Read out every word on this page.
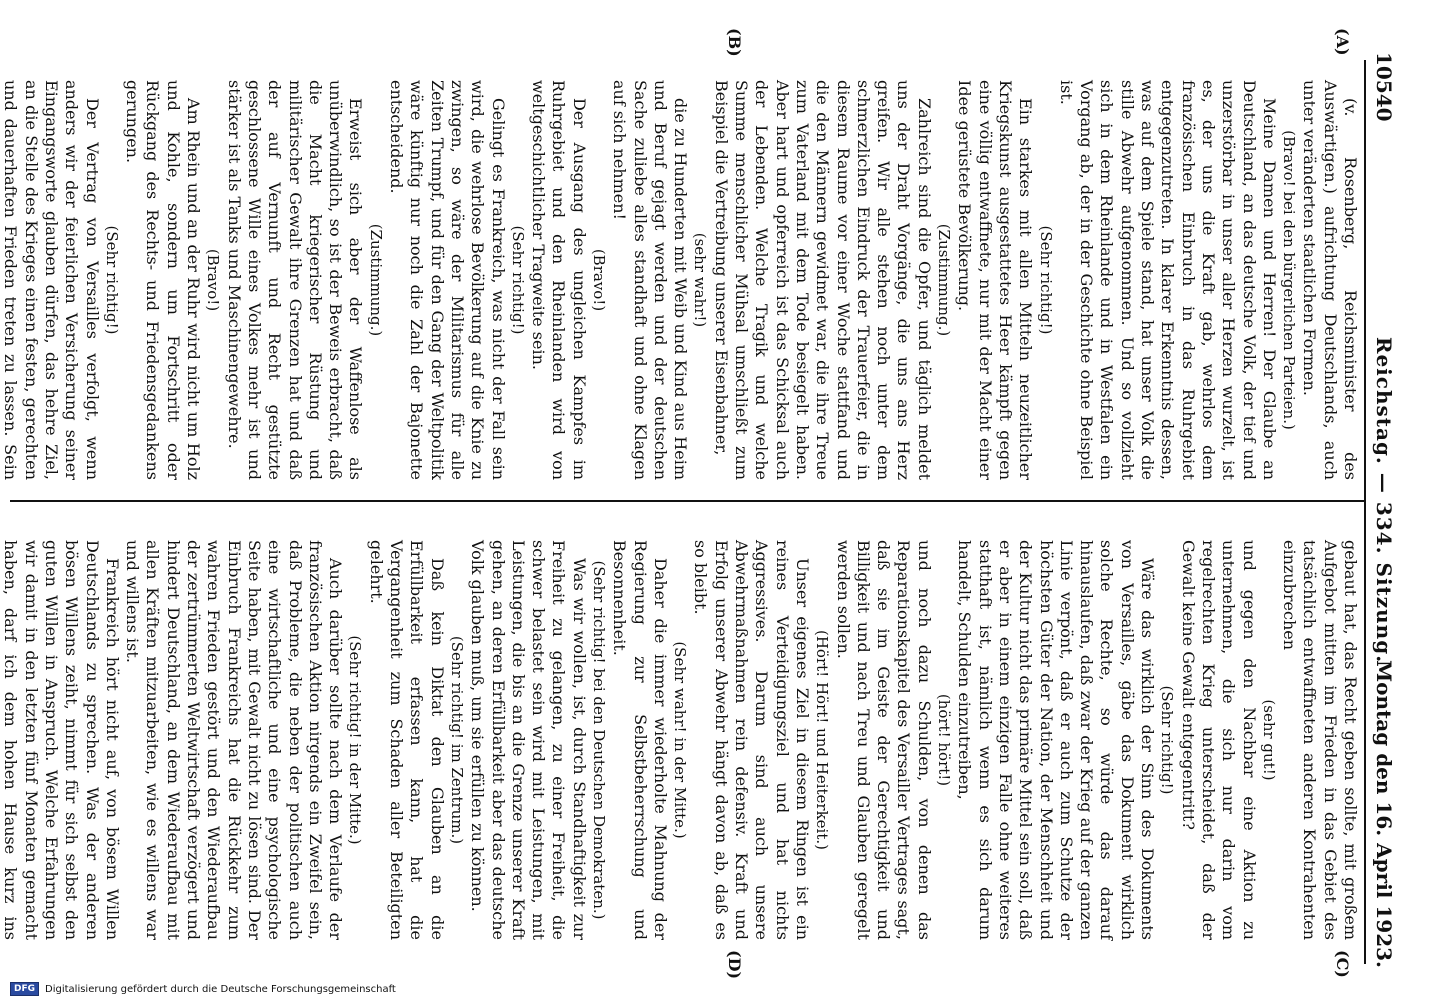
10540
Reichstag. — 334. Sitzung.
Montag den 16. April 1923.
(A)
(B)
(C)
(D)

(v. Rosenberg, Reichsminister des Auswärtigen.) aufrichtung Deutschlands, auch unter veränderten staatlichen Formen.

(Bravo! bei den bürgerlichen Parteien.)

Meine Damen und Herren! Der Glaube an Deutschland, an das deutsche Volk, der tief und unzerstörbar in unser aller Herzen wurzelt, ist es, der uns die Kraft gab, wehrlos dem französischen Einbruch in das Ruhrgebiet entgegenzutreten. In klarer Erkenntnis dessen, was auf dem Spiele stand, hat unser Volk die stille Abwehr aufgenommen. Und so vollzieht sich in dem Rheinlande und in Westfalen ein Vorgang ab, der in der Geschichte ohne Beispiel ist.

(Sehr richtig!)

Ein starkes mit allen Mitteln neuzeitlicher Kriegskunst ausgestattetes Heer kämpft gegen eine völlig entwaffnete, nur mit der Macht einer Idee gerüstete Bevölkerung.

(Zustimmung.)

Zahlreich sind die Opfer, und täglich meldet uns der Draht Vorgänge, die uns ans Herz greifen. Wir alle stehen noch unter dem schmerzlichen Eindruck der Trauerfeier, die in diesem Raume vor einer Woche stattfand und die den Männern gewidmet war, die ihre Treue zum Vaterland mit dem Tode besiegelt haben. Aber hart und opferreich ist das Schicksal auch der Lebenden. Welche Tragik und welche Summe menschlicher Mühsal umschließt zum Beispiel die Vertreibung unserer Eisenbahner,

(sehr wahr!)

die zu Hunderten mit Weib und Kind aus Heim und Beruf gejagt werden und der deutschen Sache zuliebe alles standhaft und ohne Klagen auf sich nehmen!

(Bravo!)

Der Ausgang des ungleichen Kampfes im Ruhrgebiet und den Rheinlanden wird von weltgeschichtlicher Tragweite sein.

(Sehr richtig!)

Gelingt es Frankreich, was nicht der Fall sein wird, die wehrlose Bevölkerung auf die Knie zu zwingen, so wäre der Militarismus für alle Zeiten Trumpf, und für den Gang der Weltpolitik wäre künftig nur noch die Zahl der Bajonette entscheidend.

(Zustimmung.)

Erweist sich aber der Waffenlose als unüberwindlich, so ist der Beweis erbracht, daß die Macht kriegerischer Rüstung und militärischer Gewalt ihre Grenzen hat und daß der auf Vernunft und Recht gestützte geschlossene Wille eines Volkes mehr ist und stärker ist als Tanks und Maschinengewehre.

(Bravo!)

Am Rhein und an der Ruhr wird nicht um Holz und Kohle, sondern um Fortschritt oder Rückgang des Rechts- und Friedensgedankens gerungen.

(Sehr richtig!)

Der Vertrag von Versailles verfolgt, wenn anders wir der feierlichen Versicherung seiner Eingangsworte glauben dürfen, das hehre Ziel, an die Stelle des Krieges einen festen, gerechten und dauerhaften Frieden treten zu lassen. Sein

gebaut hat, das Recht geben sollte, mit großem Aufgebot mitten im Frieden in das Gebiet des tatsächlich entwaffneten anderen Kontrahenten einzubrechen

(sehr gut!)

und gegen den Nachbar eine Aktion zu unternehmen, die sich nur darin vom regelrechten Krieg unterscheidet, daß der Gewalt keine Gewalt entgegentritt?

(Sehr richtig!)

Wäre das wirklich der Sinn des Dokuments von Versailles, gäbe das Dokument wirklich solche Rechte, so würde das darauf hinauslaufen, daß zwar der Krieg auf der ganzen Linie verpönt, daß er auch zum Schutze der höchsten Güter der Nation, der Menschheit und der Kultur nicht das primäre Mittel sein soll, daß er aber in einem einzigen Falle ohne weiteres statthaft ist, nämlich wenn es sich darum handelt, Schulden einzutreiben,

(hört! hört!)

und noch dazu Schulden, von denen das Reparationskapitel des Versailler Vertrages sagt, daß sie im Geiste der Gerechtigkeit und Billigkeit und nach Treu und Glauben geregelt werden sollen.

(Hört! Hört! und Heiterkeit.)

Unser eigenes Ziel in diesem Ringen ist ein reines Verteidigungsziel und hat nichts Aggressives. Darum sind auch unsere Abwehrmaßnahmen rein defensiv. Kraft und Erfolg unserer Abwehr hängt davon ab, daß es so bleibt.

(Sehr wahr! in der Mitte.)

Daher die immer wiederholte Mahnung der Regierung zur Selbstbeherrschung und Besonnenheit.

(Sehr richtig! bei den Deutschen Demokraten.)

Was wir wollen, ist, durch Standhaftigkeit zur Freiheit zu gelangen, zu einer Freiheit, die schwer belastet sein wird mit Leistungen, mit Leistungen, die bis an die Grenze unserer Kraft gehen, an deren Erfüllbarkeit aber das deutsche Volk glauben muß, um sie erfüllen zu können.

(Sehr richtig! im Zentrum.)

Daß kein Diktat den Glauben an die Erfüllbarkeit erfassen kann, hat die Vergangenheit zum Schaden aller Beteiligten gelehrt.

(Sehr richtig! in der Mitte.)

Auch darüber sollte nach dem Verlaufe der französischen Aktion nirgends ein Zweifel sein, daß Probleme, die neben der politischen auch eine wirtschaftliche und eine psychologische Seite haben, mit Gewalt nicht zu lösen sind. Der Einbruch Frankreichs hat die Rückkehr zum wahren Frieden gestört und den Wiederaufbau der zertrümmerten Weltwirtschaft verzögert und hindert Deutschland, an dem Wiederaufbau mit allen Kräften mitzuarbeiten, wie es willens war und willens ist.

Frankreich hört nicht auf, von bösem Willen Deutschlands zu sprechen. Was der anderen bösen Willens zeiht, nimmt für sich selbst den guten Willen in Anspruch. Welche Erfahrungen wir damit in den letzten fünf Monaten gemacht haben, darf ich dem hohen Hause kurz ins

DFG	Digitalisierung gefördert durch die Deutsche Forschungsgemeinschaft
